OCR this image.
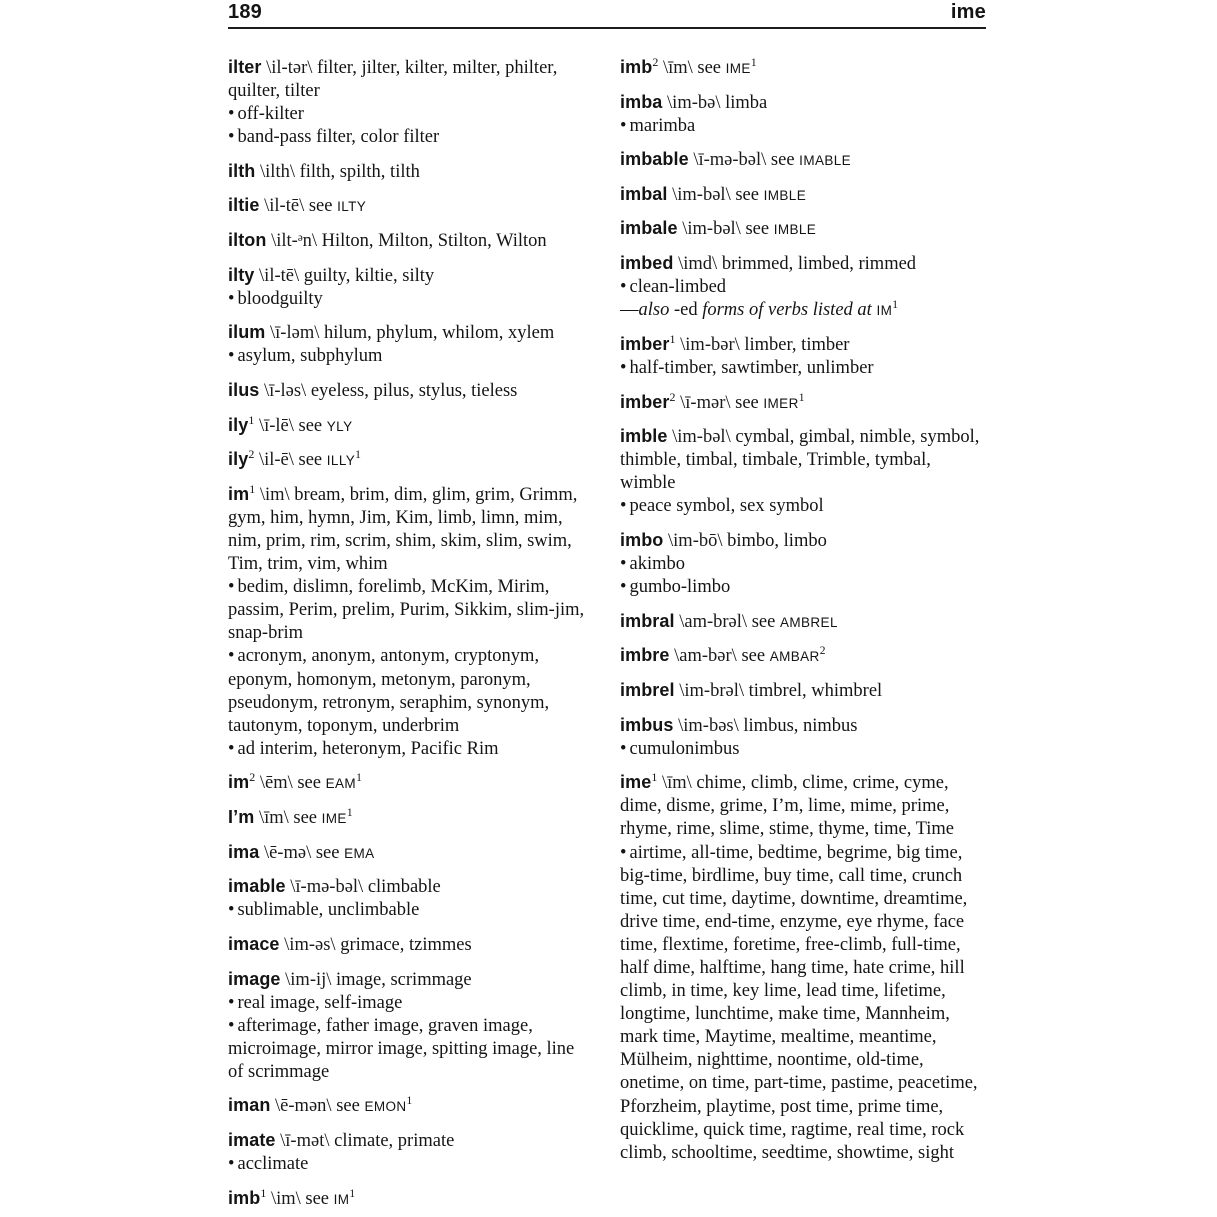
189	ime

ilter \il-tər\ filter, jilter, kilter, milter, philter, quilter, tilter

• off-kilter

• band-pass filter, color filter

ilth \ilth\ filth, spilth, tilth

iltie \il-tē\ see ILTY

ilton \ilt-ᵊn\ Hilton, Milton, Stilton, Wilton

ilty \il-tē\ guilty, kiltie, silty

• bloodguilty

ilum \ī-ləm\ hilum, phylum, whilom, xylem

• asylum, subphylum

ilus \ī-ləs\ eyeless, pilus, stylus, tieless

ily$^1$ \ī-lē\ see YLY

ily$^2$ \il-ē\ see ILLY$^1$

$im^1$ \im\ bream, brim, dim, glim, grim, Grimm, gym, him, hymn, Jim, Kim, limb, limn, mim, nim, prim, rim, scrim, shim, skim, slim, swim, Tim, trim, vim, whim

• bedim, dislimn, forelimb, McKim, Mirim, passim, Perim, prelim, Purim, Sikkim, slim-jim, snap-brim

• acronym, anonym, antonym, cryptonym, eponym, homonym, metonym, paronym, pseudonym, retronym, seraphim, synonym, tautonym, toponym, underbrim

• ad interim, heteronym, Pacific Rim

$im^2$ \ēm\ see EAM$^1$

I’m \īm\ see IME$^1$

ima \ē-mə\ see EMA

imable \ī-mə-bəl\ climbable

• sublimable, unclimbable

imace \im-əs\ grimace, tzimmes

image \im-ij\ image, scrimmage

• real image, self-image

• afterimage, father image, graven image, microimage, mirror image, spitting image, line of scrimmage

iman \ē-mən\ see EMON$^1$

imate \ī-mət\ climate, primate

• acclimate

imb$^1$ \im\ see $IM^1$

imb$^2$ \īm\ see IME$^1$

imba \im-bə\ limba

• marimba

imbable \ī-mə-bəl\ see IMABLE

imbal \im-bəl\ see IMBLE

imbale \im-bəl\ see IMBLE

imbed \imd\ brimmed, limbed, rimmed

• clean-limbed

—also -ed forms of verbs listed at $IM^1$

imber$^1$ \im-bər\ limber, timber

• half-timber, sawtimber, unlimber

imber$^2$ \ī-mər\ see IMER$^1$

imble \im-bəl\ cymbal, gimbal, nimble, symbol, thimble, timbal, timbale, Trimble, tymbal, wimble

• peace symbol, sex symbol

imbo \im-bō\ bimbo, limbo

• akimbo

• gumbo-limbo

imbral \am-brəl\ see AMBREL

imbre \am-bər\ see AMBAR$^2$

imbrel \im-brəl\ timbrel, whimbrel

imbus \im-bəs\ limbus, nimbus

• cumulonimbus

ime$^1$ \īm\ chime, climb, clime, crime, cyme, dime, disme, grime, I’m, lime, mime, prime, rhyme, rime, slime, stime, thyme, time, Time

• airtime, all-time, bedtime, begrime, big time, big-time, birdlime, buy time, call time, crunch time, cut time, daytime, downtime, dreamtime, drive time, end-time, enzyme, eye rhyme, face time, flextime, foretime, free-climb, full-time, half dime, halftime, hang time, hate crime, hill climb, in time, key lime, lead time, lifetime, longtime, lunchtime, make time, Mannheim, mark time, Maytime, mealtime, meantime, Mülheim, nighttime, noontime, old-time, onetime, on time, part-time, pastime, peacetime, Pforzheim, playtime, post time, prime time, quicklime, quick time, ragtime, real time, rock climb, schooltime, seedtime, showtime, sight
